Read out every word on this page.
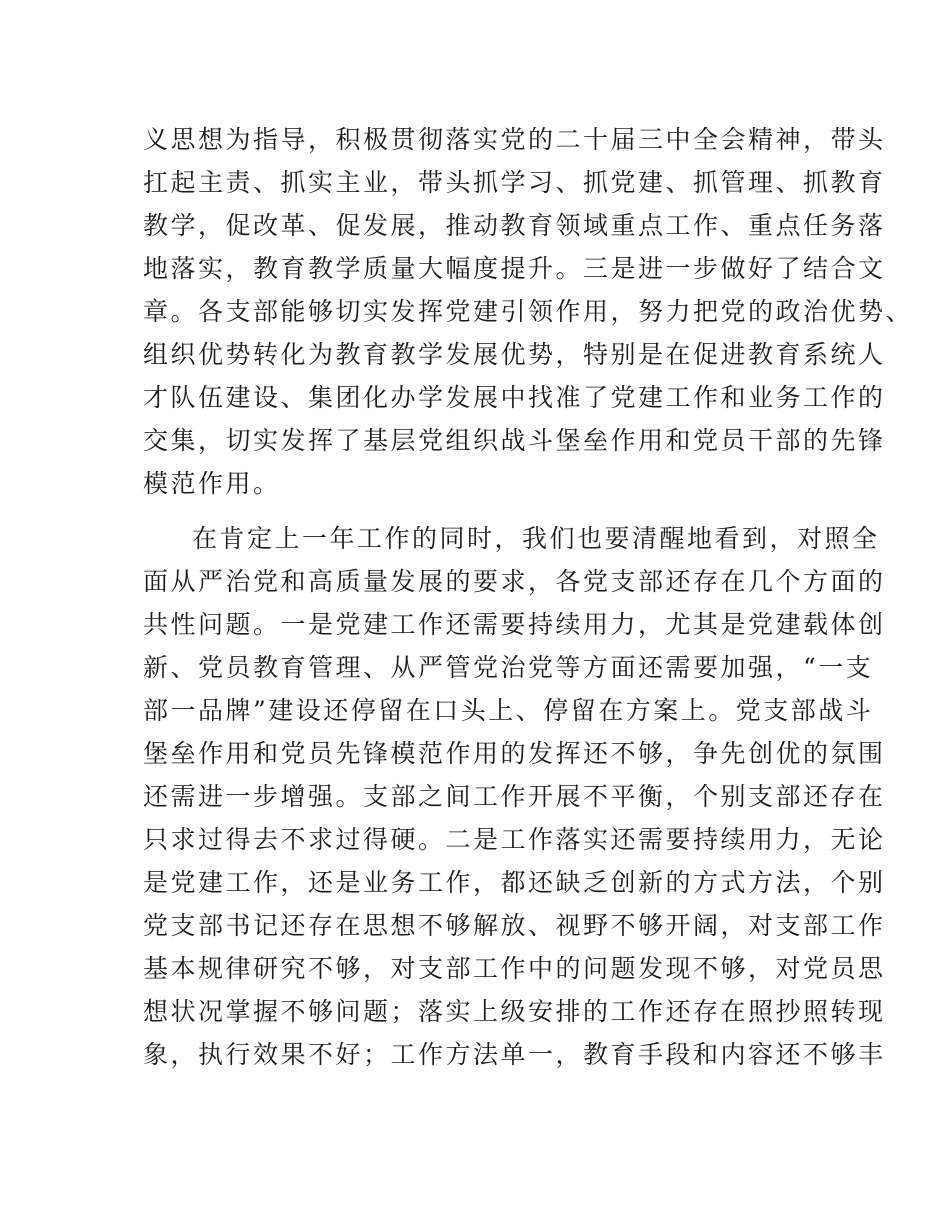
义思想为指导，积极贯彻落实党的二十届三中全会精神，带头
扛起主责、抓实主业，带头抓学习、抓党建、抓管理、抓教育
教学，促改革、促发展，推动教育领域重点工作、重点任务落
地落实，教育教学质量大幅度提升。三是进一步做好了结合文
章。各支部能够切实发挥党建引领作用，努力把党的政治优势、
组织优势转化为教育教学发展优势，特别是在促进教育系统人
才队伍建设、集团化办学发展中找准了党建工作和业务工作的
交集，切实发挥了基层党组织战斗堡垒作用和党员干部的先锋
模范作用。
在肯定上一年工作的同时，我们也要清醒地看到，对照全
面从严治党和高质量发展的要求，各党支部还存在几个方面的
共性问题。一是党建工作还需要持续用力，尤其是党建载体创
新、党员教育管理、从严管党治党等方面还需要加强，“一支
部一品牌”建设还停留在口头上、停留在方案上。党支部战斗
堡垒作用和党员先锋模范作用的发挥还不够，争先创优的氛围
还需进一步增强。支部之间工作开展不平衡，个别支部还存在
只求过得去不求过得硬。二是工作落实还需要持续用力，无论
是党建工作，还是业务工作，都还缺乏创新的方式方法，个别
党支部书记还存在思想不够解放、视野不够开阔，对支部工作
基本规律研究不够，对支部工作中的问题发现不够，对党员思
想状况掌握不够问题；落实上级安排的工作还存在照抄照转现
象，执行效果不好；工作方法单一，教育手段和内容还不够丰
